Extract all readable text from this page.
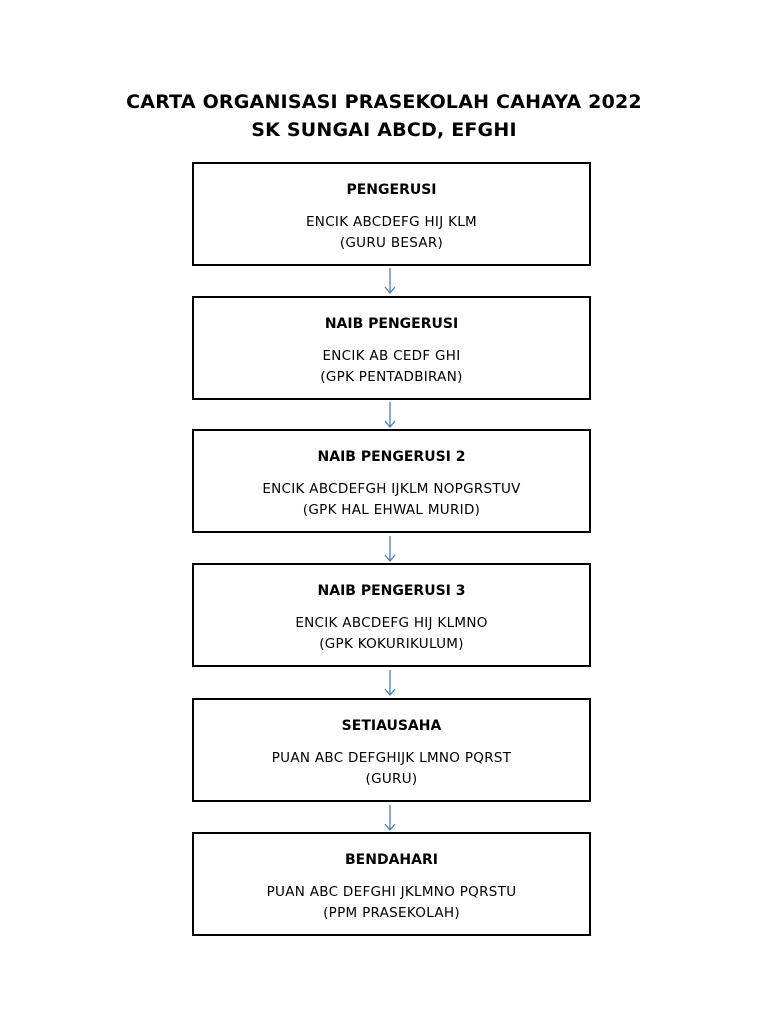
CARTA ORGANISASI PRASEKOLAH CAHAYA 2022
SK SUNGAI ABCD, EFGHI
PENGERUSI
ENCIK ABCDEFG HIJ KLM
(GURU BESAR)
NAIB PENGERUSI
ENCIK AB CEDF GHI
(GPK PENTADBIRAN)
NAIB PENGERUSI 2
ENCIK ABCDEFGH IJKLM NOPGRSTUV
(GPK HAL EHWAL MURID)
NAIB PENGERUSI 3
ENCIK ABCDEFG HIJ KLMNO
(GPK KOKURIKULUM)
SETIAUSAHA
PUAN ABC DEFGHIJK LMNO PQRST
(GURU)
BENDAHARI
PUAN ABC DEFGHI JKLMNO PQRSTU
(PPM PRASEKOLAH)
